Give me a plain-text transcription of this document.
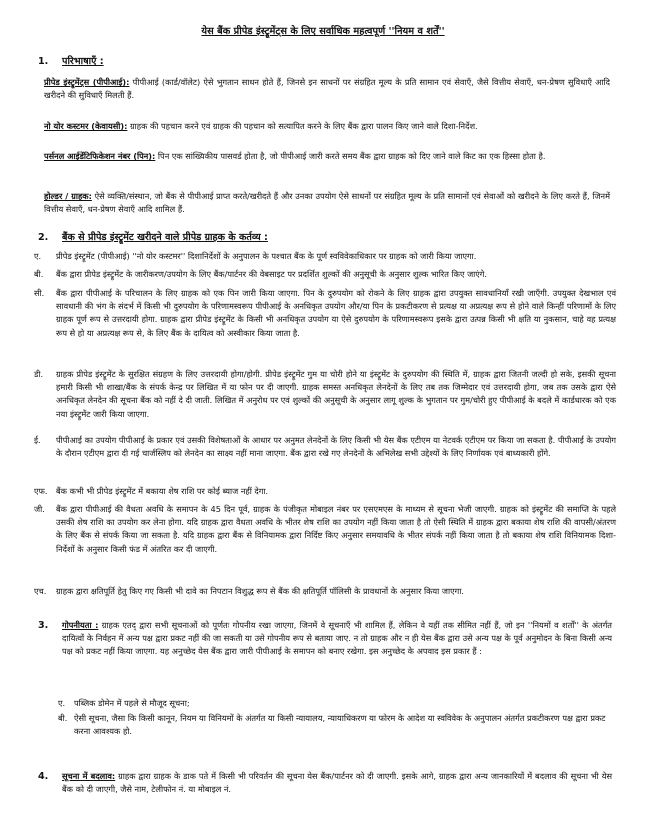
येस बैंक प्रीपेड इंस्ट्रूमेंट्स के लिए सर्वाधिक महत्वपूर्ण ''नियम व शर्तें''
1. परिभाषाएँ :
प्रीपेड इंस्ट्रूमेंट्स (पीपीआई): पीपीआई (कार्ड/वॉलेट) ऐसे भुगतान साधन होते हैं, जिनसे इन साधनों पर संग्रहित मूल्य के प्रति सामान एवं सेवाएँ, जैसे वित्तीय सेवाएँ, धन-प्रेषण सुविधाएँ आदि खरीदने की सुविधाएँ मिलती हैं.
नो योर कस्टमर (केवायसी): ग्राहक की पहचान करने एवं ग्राहक की पहचान को सत्यापित करने के लिए बैंक द्वारा पालन किए जाने वाले दिशा-निर्देश.
पर्सनल आईडेंटिफिकेशन नंबर (पिन): पिन एक सांख्यिकीय पासवर्ड होता है, जो पीपीआई जारी करते समय बैंक द्वारा ग्राहक को दिए जाने वाले किट का एक हिस्सा होता है.
होल्डर / ग्राहक: ऐसे व्यक्ति/संस्थान, जो बैंक से पीपीआई प्राप्त करते/खरीदते हैं और उनका उपयोग ऐसे साधनों पर संग्रहित मूल्य के प्रति सामानों एवं सेवाओं को खरीदने के लिए करते हैं, जिनमें वित्तीय सेवाएँ, धन-प्रेषण सेवाएँ आदि शामिल हैं.
2. बैंक से प्रीपेड इंस्ट्रूमेंट खरीदने वाले प्रीपेड ग्राहक के कर्तव्य :
ए.	प्रीपेड इंस्ट्रूमेंट (पीपीआई) ''नो योर कस्टमर'' दिशानिर्देशों के अनुपालन के पश्चात बैंक के पूर्ण स्वविवेकाधिकार पर ग्राहक को जारी किया जाएगा.
बी.	बैंक द्वारा प्रीपेड इंस्ट्रूमेंट के जारीकरण/उपयोग के लिए बैंक/पार्टनर की वेबसाइट पर प्रदर्शित शुल्कों की अनुसूची के अनुसार शुल्क भारित किए जाएंगे.
सी.	बैंक द्वारा पीपीआई के परिचालन के लिए ग्राहक को एक पिन जारी किया जाएगा. पिन के दुरुपयोग को रोकने के लिए ग्राहक द्वारा उपयुक्त सावधानियाँ रखी जाएँगी. उपयुक्त देखभाल एवं सावधानी की भंग के संदर्भ में किसी भी दुरुपयोग के परिणामस्वरूप पीपीआई के अनधिकृत उपयोग और/या पिन के प्रकटीकरण से प्रत्यक्ष या अप्रत्यक्ष रूप से होने वाले किन्हीं परिणामों के लिए ग्राहक पूर्ण रूप से उत्तरदायी होगा. ग्राहक द्वारा प्रीपेड इंस्ट्रूमेंट के किसी भी अनधिकृत उपयोग या ऐसे दुरुपयोग के परिणामस्वरूप इसके द्वारा उत्पन्न किसी भी क्षति या नुकसान, चाहे वह प्रत्यक्ष रूप से हो या अप्रत्यक्ष रूप से, के लिए बैंक के दायित्व को अस्वीकार किया जाता है.
डी.	ग्राहक प्रीपेड इंस्ट्रूमेंट के सुरक्षित संग्रहण के लिए उत्तरदायी होगा/होगी. प्रीपेड इंस्ट्रूमेंट गुम या चोरी होने या इंस्ट्रूमेंट के दुरुपयोग की स्थिति में, ग्राहक द्वारा जितनी जल्दी हो सके, इसकी सूचना हमारी किसी भी शाखा/बैंक के संपर्क केन्द्र पर लिखित में या फोन पर दी जाएगी. ग्राहक समस्त अनधिकृत लेनदेनों के लिए तब तक जिम्मेदार एवं उत्तरदायी होगा, जब तक उसके द्वारा ऐसे अनधिकृत लेनदेन की सूचना बैंक को नहीं दे दी जाती. लिखित में अनुरोध पर एवं शुल्कों की अनुसूची के अनुसार लागू शुल्क के भुगतान पर गुम/चोरी हुए पीपीआई के बदले में कार्डधारक को एक नया इंस्ट्रूमेंट जारी किया जाएगा.
ई.	पीपीआई का उपयोग पीपीआई के प्रकार एवं उसकी विशेषताओं के आधार पर अनुमत लेनदेनों के लिए किसी भी येस बैंक एटीएम या नेटवर्क एटीएम पर किया जा सकता है. पीपीआई के उपयोग के दौरान एटीएम द्वारा दी गई चार्जस्लिप को लेनदेन का साक्ष्य नहीं माना जाएगा. बैंक द्वारा रखे गए लेनदेनों के अभिलेख सभी उद्देश्यों के लिए निर्णायक एवं बाध्यकारी होंगे.
एफ.	बैंक कभी भी प्रीपेड इंस्ट्रूमेंट में बकाया शेष राशि पर कोई ब्याज नहीं देगा.
जी.	बैंक द्वारा पीपीआई की वैधता अवधि के समापन के 45 दिन पूर्व, ग्राहक के पंजीकृत मोबाइल नंबर पर एसएमएस के माध्यम से सूचना भेजी जाएगी. ग्राहक को इंस्ट्रूमेंट की समाप्ति के पहले उसकी शेष राशि का उपयोग कर लेना होगा. यदि ग्राहक द्वारा वैधता अवधि के भीतर शेष राशि का उपयोग नहीं किया जाता है तो ऐसी स्थिति में ग्राहक द्वारा बकाया शेष राशि की वापसी/अंतरण के लिए बैंक से संपर्क किया जा सकता है. यदि ग्राहक द्वारा बैंक से विनियामक द्वारा निर्दिष्ट किए अनुसार समयावधि के भीतर संपर्क नहीं किया जाता है तो बकाया शेष राशि विनियामक दिशा-निर्देशों के अनुसार किसी फंड में अंतरित कर दी जाएगी.
एच.	ग्राहक द्वारा क्षतिपूर्ति हेतु किए गए किसी भी दावे का निपटान विशुद्ध रूप से बैंक की क्षतिपूर्ति पॉलिसी के प्रावधानों के अनुसार किया जाएगा.
3. गोपनीयता : ग्राहक एतद् द्वारा सभी सूचनाओं को पूर्णतः गोपनीय रखा जाएगा, जिनमें वे सूचनाएँ भी शामिल हैं, लेकिन वे यहीं तक सीमित नहीं हैं, जो इन ''नियमों व शर्तों'' के अंतर्गत दायित्वों के निर्वहन में अन्य पक्ष द्वारा प्रकट नहीं की जा सकती या उसे गोपनीय रूप से बताया जाए. न तो ग्राहक और न ही येस बैंक द्वारा उसे अन्य पक्ष के पूर्व अनुमोदन के बिना किसी अन्य पक्ष को प्रकट नहीं किया जाएगा. यह अनुच्छेद येस बैंक द्वारा जारी पीपीआई के समापन को बनाए रखेगा. इस अनुच्छेद के अपवाद इस प्रकार हैं :
ए.	पब्लिक डोमेन में पहले से मौजूद सूचना;
बी. ऐसी सूचना, जैसा कि किसी कानून, नियम या विनियमों के अंतर्गत या किसी न्यायालय, न्यायाधिकरण या फोरम के आदेश या स्वविवेक के अनुपालन अंतर्गत प्रकटीकरण पक्ष द्वारा प्रकट करना आवश्यक हो.
4. सूचना में बदलाव: ग्राहक द्वारा ग्राहक के डाक पते में किसी भी परिवर्तन की सूचना येस बैंक/पार्टनर को दी जाएगी. इसके आगे, ग्राहक द्वारा अन्य जानकारियों में बदलाव की सूचना भी येस बैंक को दी जाएगी, जैसे नाम, टेलीफोन नं. या मोबाइल नं.
